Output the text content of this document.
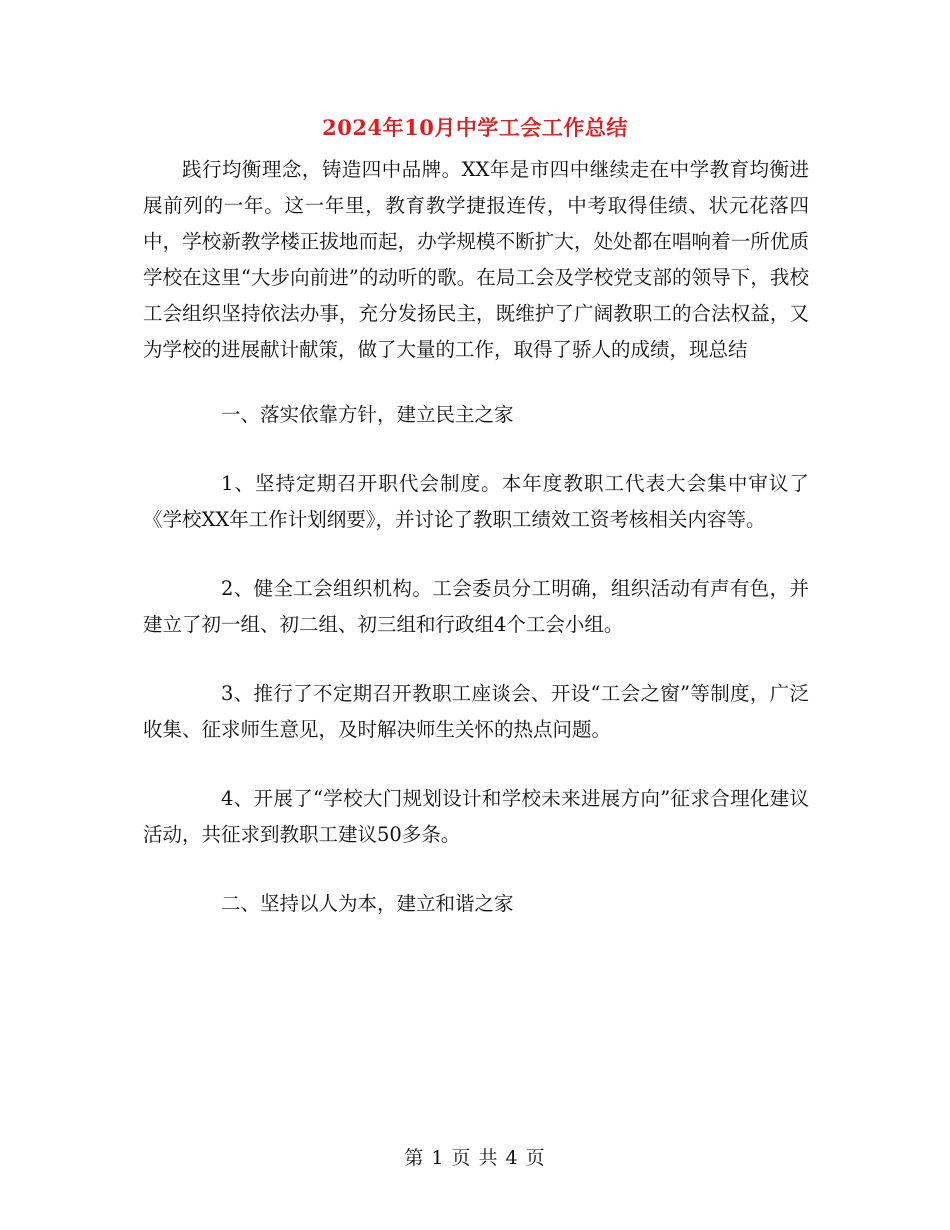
2024年10月中学工会工作总结

践行均衡理念，铸造四中品牌。XX年是市四中继续走在中学教育均衡进展前列的一年。这一年里，教育教学捷报连传，中考取得佳绩、状元花落四中，学校新教学楼正拔地而起，办学规模不断扩大，处处都在唱响着一所优质学校在这里“大步向前进”的动听的歌。在局工会及学校党支部的领导下，我校工会组织坚持依法办事，充分发扬民主，既维护了广阔教职工的合法权益，又为学校的进展献计献策，做了大量的工作，取得了骄人的成绩，现总结

一、落实依靠方针，建立民主之家

1、坚持定期召开职代会制度。本年度教职工代表大会集中审议了《学校XX年工作计划纲要》，并讨论了教职工绩效工资考核相关内容等。

2、健全工会组织机构。工会委员分工明确，组织活动有声有色，并建立了初一组、初二组、初三组和行政组4个工会小组。

3、推行了不定期召开教职工座谈会、开设“工会之窗”等制度，广泛收集、征求师生意见，及时解决师生关怀的热点问题。

4、开展了“学校大门规划设计和学校未来进展方向”征求合理化建议活动，共征求到教职工建议50多条。

二、坚持以人为本，建立和谐之家

第 1 页 共 4 页
